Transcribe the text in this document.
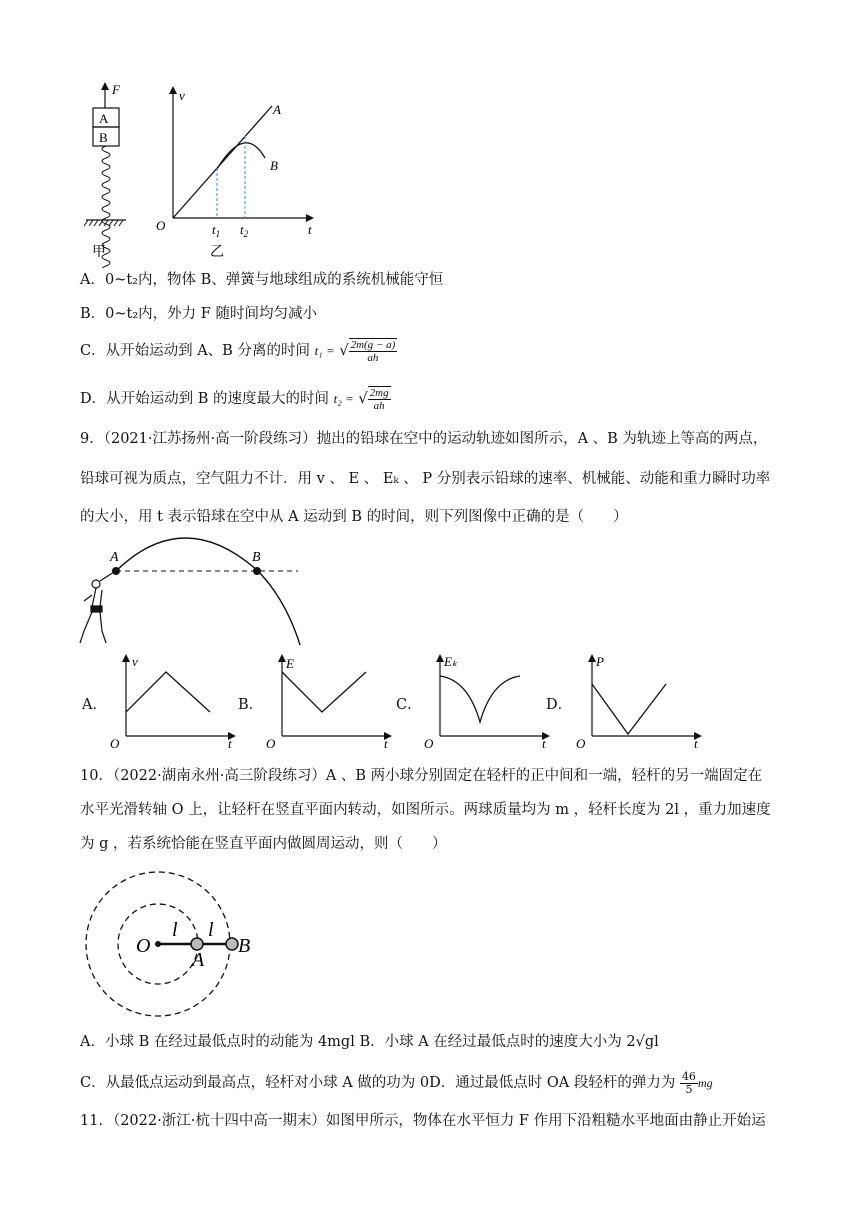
F
A
B
甲
v
t
O
A
B
$t_1$ $t_2$
乙
A．0~t₂内，物体 B、弹簧与地球组成的系统机械能守恒
B．0~t₂内，外力 F 随时间均匀减小
C．从开始运动到 A、B 分离的时间 t₁ = √ $\frac{2m(g - a)}{ah}$
D．从开始运动到 B 的速度最大的时间 t₂ = √ $\frac{2mg}{ah}$
9．（2021·江苏扬州·高一阶段练习）抛出的铅球在空中的运动轨迹如图所示，A 、B 为轨迹上等高的两点，
铅球可视为质点，空气阻力不计．用 v 、 E 、 Eₖ 、 P 分别表示铅球的速率、机械能、动能和重力瞬时功率
的大小，用 t 表示铅球在空中从 A 运动到 B 的时间，则下列图像中正确的是（　　）
A	B
A．	B．	C．	D．
v
t
O
E
t
O
Eₖ
t
O
P
t
O
10．（2022·湖南永州·高三阶段练习）A 、B 两小球分别固定在轻杆的正中间和一端，轻杆的另一端固定在
水平光滑转轴 O 上，让轻杆在竖直平面内转动，如图所示。两球质量均为 m ，轻杆长度为 2l ，重力加速度
为 g ，若系统恰能在竖直平面内做圆周运动，则（　　）
O
l l
A
B
A．小球 B 在经过最低点时的动能为 4mgl B．小球 A 在经过最低点时的速度大小为 2√gl
C．从最低点运动到最高点，轻杆对小球 A 做的功为 0D．通过最低点时 OA 段轻杆的弹力为 $\frac{46}{5}$ mg
11．（2022·浙江·杭十四中高一期末）如图甲所示，物体在水平恒力 F 作用下沿粗糙水平地面由静止开始运
